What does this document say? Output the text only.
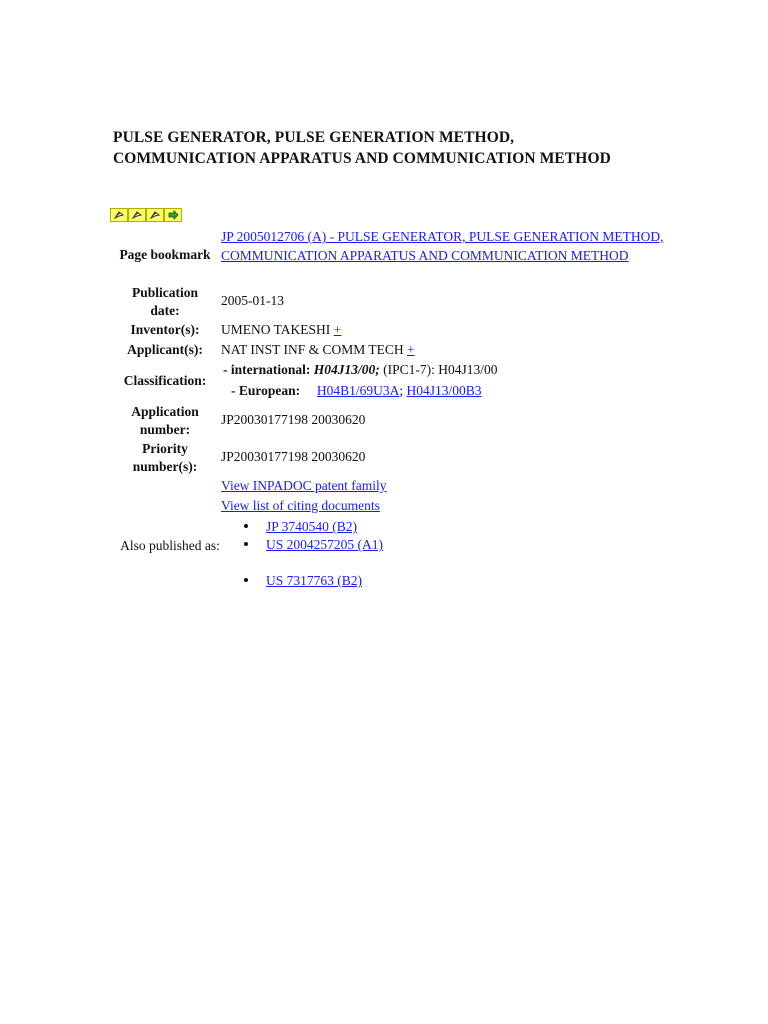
PULSE GENERATOR, PULSE GENERATION METHOD, COMMUNICATION APPARATUS AND COMMUNICATION METHOD
Page bookmark
JP 2005012706 (A) - PULSE GENERATOR, PULSE GENERATION METHOD, COMMUNICATION APPARATUS AND COMMUNICATION METHOD
Publication date:
2005-01-13
Inventor(s):	UMENO TAKESHI +
Applicant(s):	NAT INST INF & COMM TECH +
Classification:
- international: H04J13/00; (IPC1-7): H04J13/00
- European: H04B1/69U3A; H04J13/00B3
Application number:
JP20030177198 20030620
Priority number(s):
JP20030177198 20030620
View INPADOC patent family
View list of citing documents
Also published as:
JP 3740540 (B2)
US 2004257205 (A1)
US 7317763 (B2)
